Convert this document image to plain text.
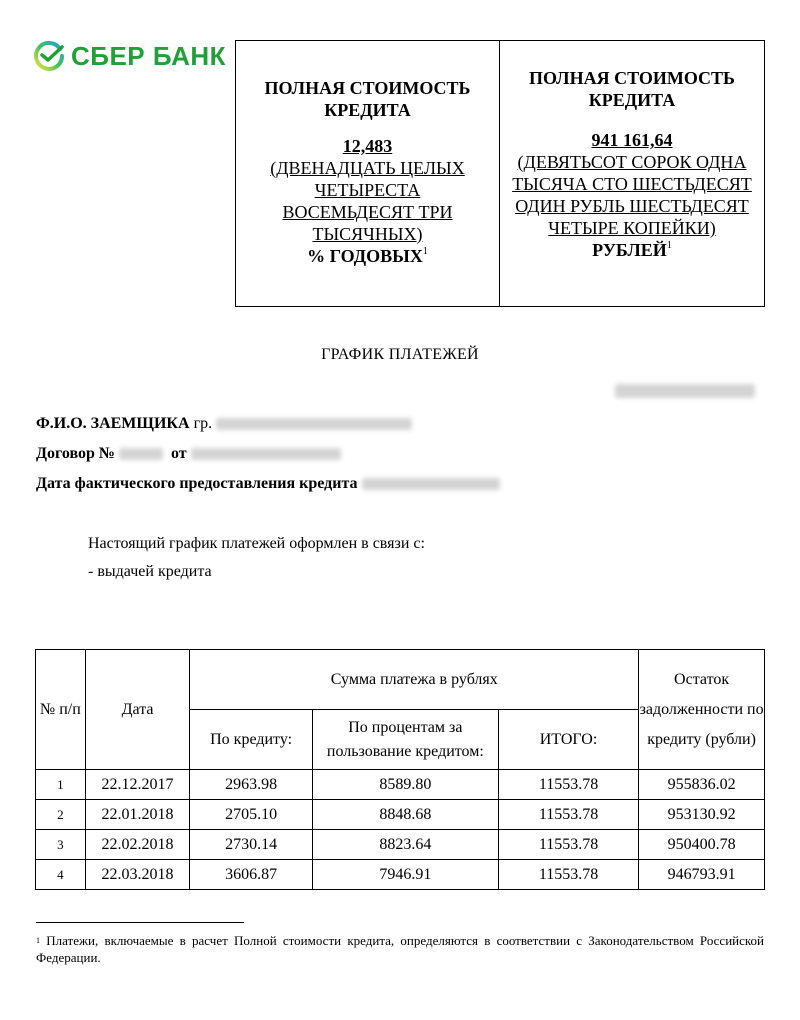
СБЕР БАНК
ПОЛНАЯ СТОИМОСТЬ КРЕДИТА
12,483
(ДВЕНАДЦАТЬ ЦЕЛЫХ ЧЕТЫРЕСТА ВОСЕМЬДЕСЯТ ТРИ ТЫСЯЧНЫХ)
% ГОДОВЫХ$^1$
ПОЛНАЯ СТОИМОСТЬ КРЕДИТА
941 161,64
(ДЕВЯТЬСОТ СОРОК ОДНА ТЫСЯЧА СТО ШЕСТЬДЕСЯТ ОДИН РУБЛЬ ШЕСТЬДЕСЯТ ЧЕТЫРЕ КОПЕЙКИ)
РУБЛЕЙ$^1$
ГРАФИК ПЛАТЕЖЕЙ
Ф.И.О. ЗАЕМЩИКА гр.
Договор №	от
Дата фактического предоставления кредита
Настоящий график платежей оформлен в связи с:
- выдачей кредита
№ п/п	Дата	Сумма платежа в рублях			Остаток задолженности по кредиту (рубли)
		По кредиту:	По процентам за пользование кредитом:	ИТОГО:	
1	22.12.2017	2963.98	8589.80	11553.78	955836.02
2	22.01.2018	2705.10	8848.68	11553.78	953130.92
3	22.02.2018	2730.14	8823.64	11553.78	950400.78
4	22.03.2018	3606.87	7946.91	11553.78	946793.91
$^1$ Платежи, включаемые в расчет Полной стоимости кредита, определяются в соответствии с Законодательством Российской Федерации.
